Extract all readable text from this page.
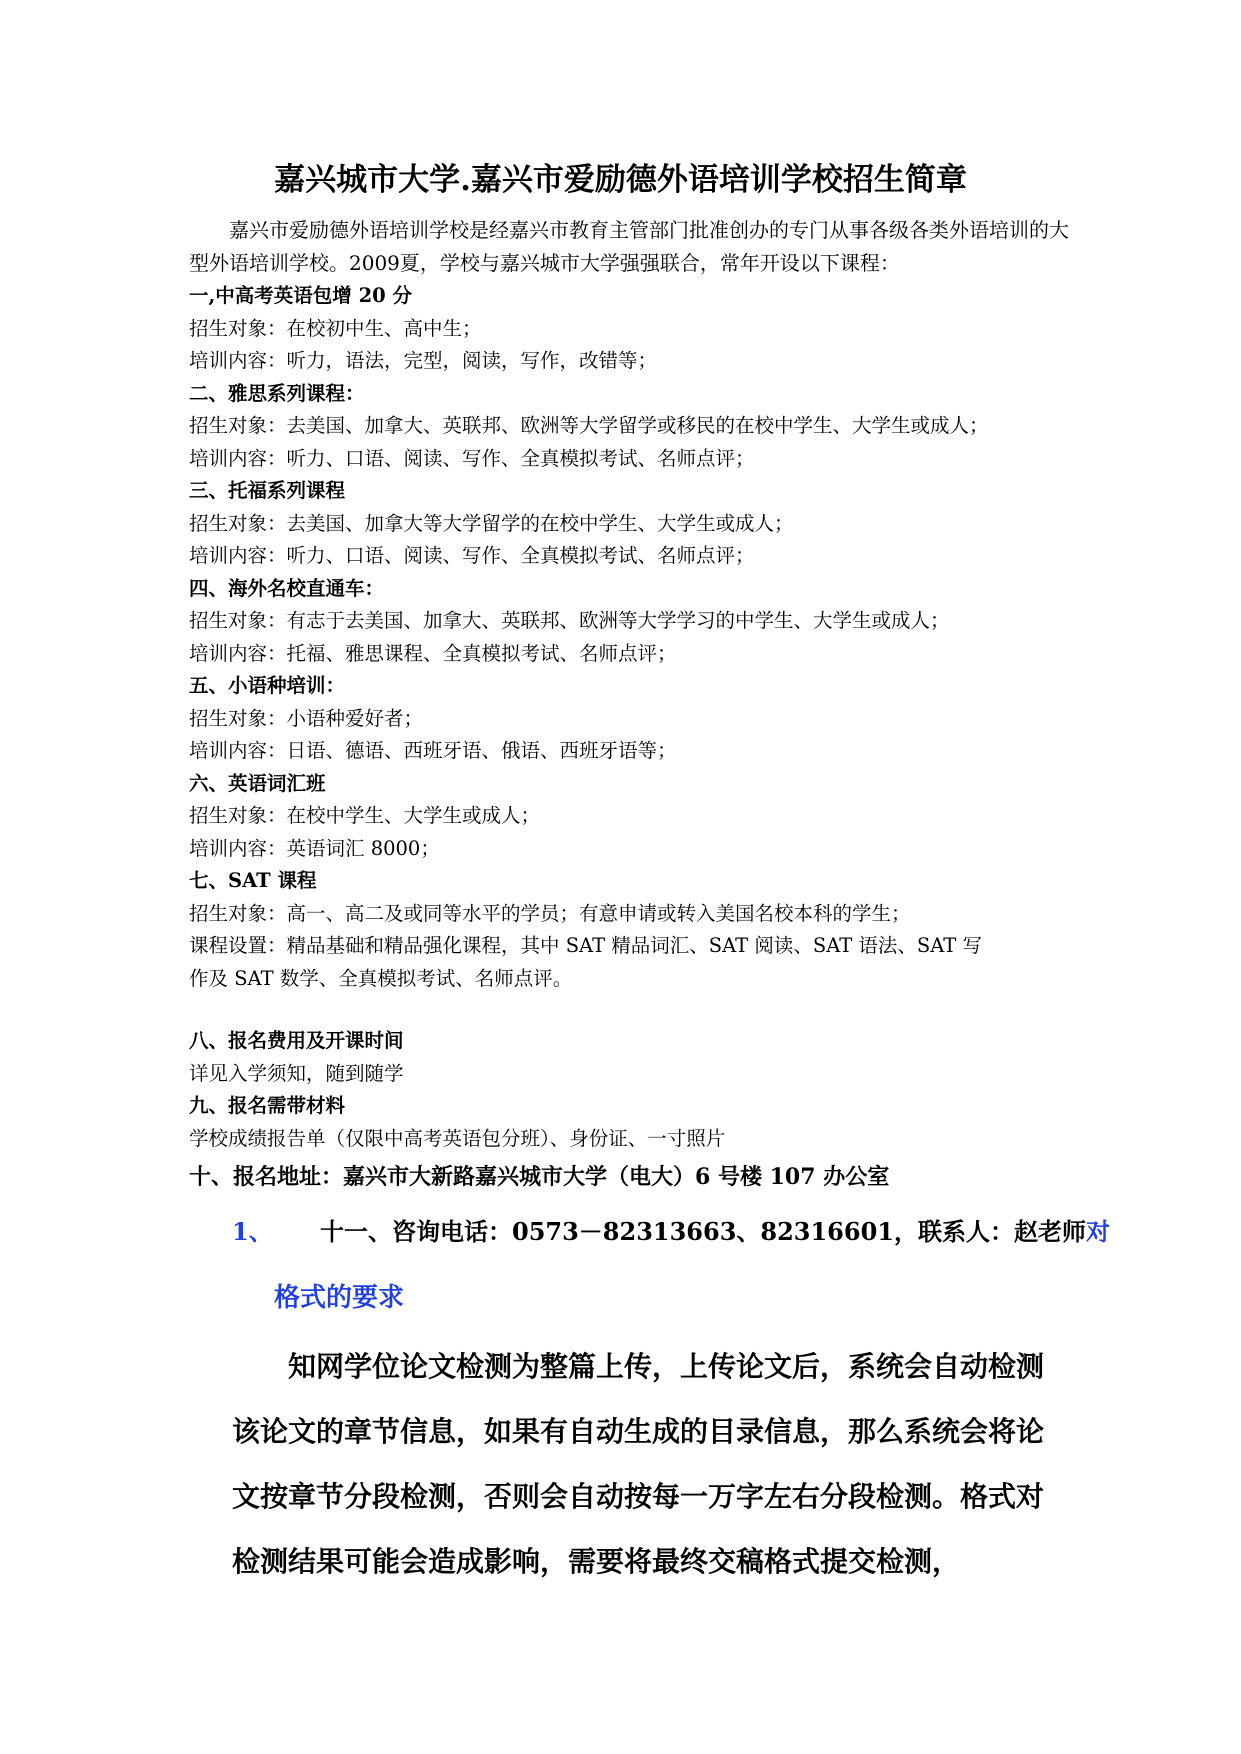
嘉兴城市大学.嘉兴市爱励德外语培训学校招生简章
嘉兴市爱励德外语培训学校是经嘉兴市教育主管部门批准创办的专门从事各级各类外语培训的大型外语培训学校。2009夏，学校与嘉兴城市大学强强联合，常年开设以下课程：
一,中高考英语包增 20 分
招生对象：在校初中生、高中生；
培训内容：听力，语法，完型，阅读，写作，改错等；
二、雅思系列课程：
招生对象：去美国、加拿大、英联邦、欧洲等大学留学或移民的在校中学生、大学生或成人；
培训内容：听力、口语、阅读、写作、全真模拟考试、名师点评；
三、托福系列课程
招生对象：去美国、加拿大等大学留学的在校中学生、大学生或成人；
培训内容：听力、口语、阅读、写作、全真模拟考试、名师点评；
四、海外名校直通车：
招生对象：有志于去美国、加拿大、英联邦、欧洲等大学学习的中学生、大学生或成人；
培训内容：托福、雅思课程、全真模拟考试、名师点评；
五、小语种培训：
招生对象：小语种爱好者；
培训内容：日语、德语、西班牙语、俄语、西班牙语等；
六、英语词汇班
招生对象：在校中学生、大学生或成人；
培训内容：英语词汇 8000；
七、SAT 课程
招生对象：高一、高二及或同等水平的学员；有意申请或转入美国名校本科的学生；
课程设置：精品基础和精品强化课程，其中 SAT 精品词汇、SAT 阅读、SAT 语法、SAT 写
作及 SAT 数学、全真模拟考试、名师点评。
八、报名费用及开课时间
详见入学须知，随到随学
九、报名需带材料
学校成绩报告单（仅限中高考英语包分班）、身份证、一寸照片
十、报名地址：嘉兴市大新路嘉兴城市大学（电大）6 号楼 107 办公室
1、 十一、咨询电话：0573－82313663、82316601，联系人：赵老师对
格式的要求
知网学位论文检测为整篇上传，上传论文后，系统会自动检测该论文的章节信息，如果有自动生成的目录信息，那么系统会将论文按章节分段检测，否则会自动按每一万字左右分段检测。格式对检测结果可能会造成影响，需要将最终交稿格式提交检测，
